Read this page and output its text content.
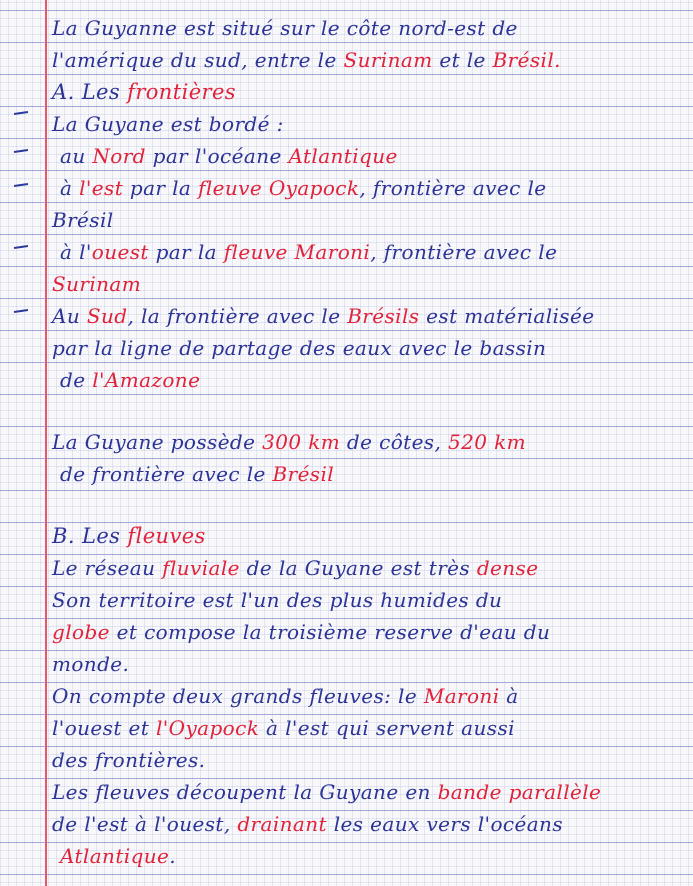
La Guyanne est situé sur le côte nord-est de
l'amérique du sud, entre le Surinam et le Brésil.
A. Les frontières
La Guyane est bordé :
au Nord par l'océane Atlantique
à l'est par la fleuve Oyapock, frontière avec le
Brésil
à l'ouest par la fleuve Maroni, frontière avec le
Surinam
Au Sud, la frontière avec le Brésils est matérialisée
par la ligne de partage des eaux avec le bassin
de l'Amazone
La Guyane possède 300 km de côtes, 520 km
de frontière avec le Brésil
B. Les fleuves
Le réseau fluviale de la Guyane est très dense
Son territoire est l'un des plus humides du
globe et compose la troisième reserve d'eau du
monde.
On compte deux grands fleuves: le Maroni à
l'ouest et l'Oyapock à l'est qui servent aussi
des frontières.
Les fleuves découpent la Guyane en bande parallèle
de l'est à l'ouest, drainant les eaux vers l'océans
Atlantique.
